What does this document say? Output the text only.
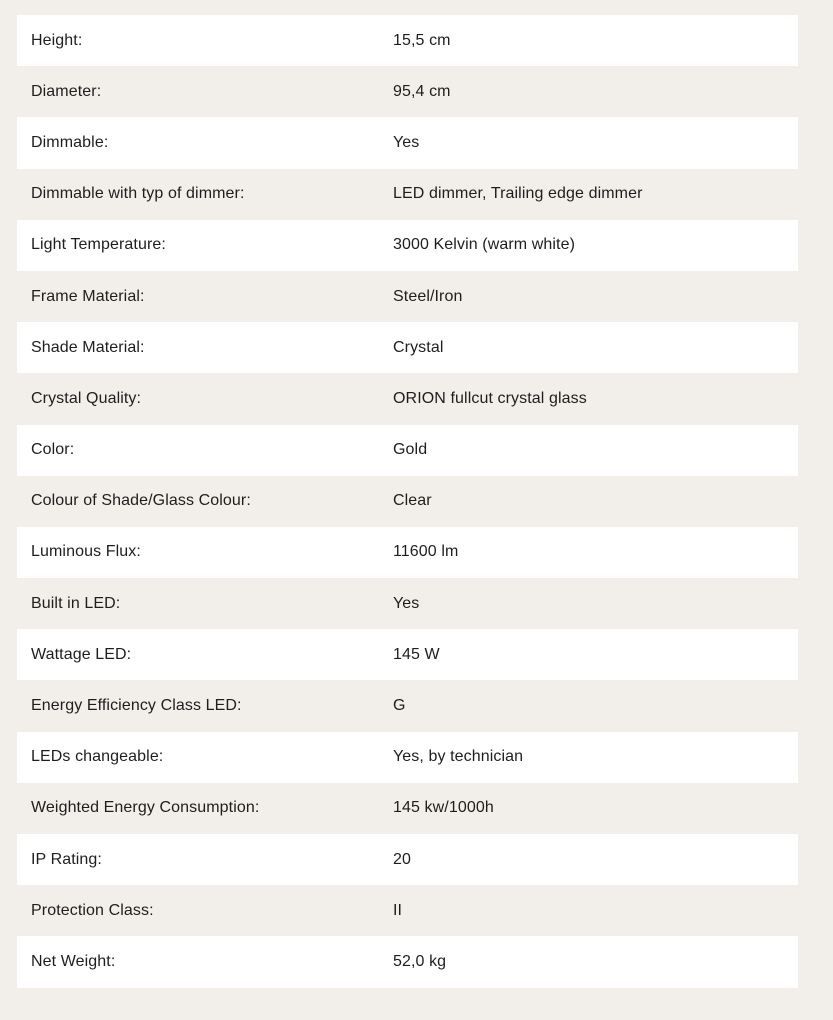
Height:	15,5 cm
Diameter:	95,4 cm
Dimmable:	Yes
Dimmable with typ of dimmer:	LED dimmer, Trailing edge dimmer
Light Temperature:	3000 Kelvin (warm white)
Frame Material:	Steel/Iron
Shade Material:	Crystal
Crystal Quality:	ORION fullcut crystal glass
Color:	Gold
Colour of Shade/Glass Colour:	Clear
Luminous Flux:	11600 lm
Built in LED:	Yes
Wattage LED:	145 W
Energy Efficiency Class LED:	G
LEDs changeable:	Yes, by technician
Weighted Energy Consumption:	145 kw/1000h
IP Rating:	20
Protection Class:	II
Net Weight:	52,0 kg
